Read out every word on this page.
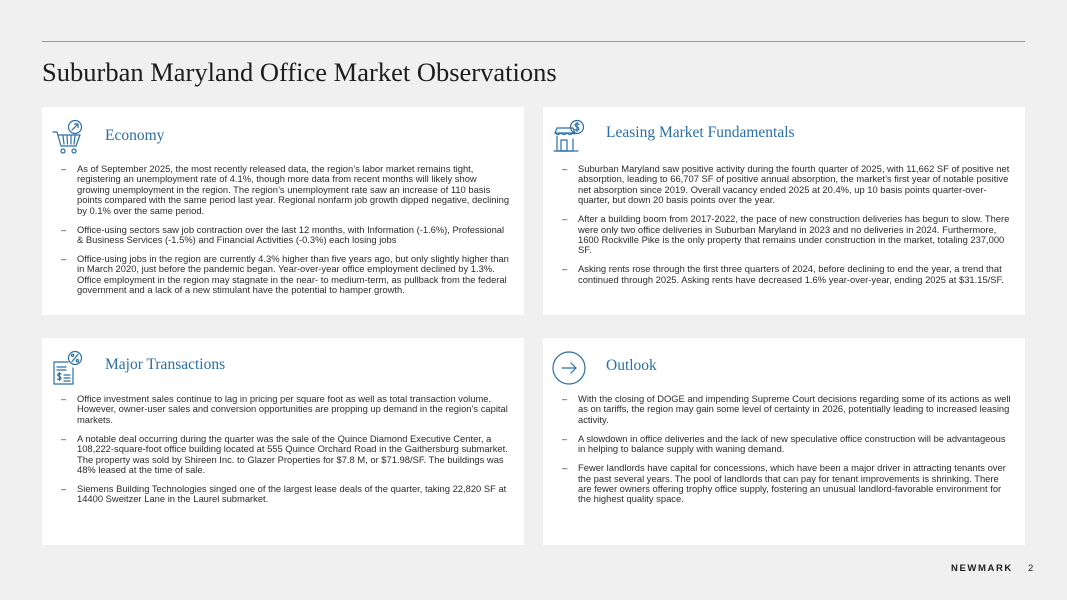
Suburban Maryland Office Market Observations
Economy
– As of September 2025, the most recently released data, the region’s labor market remains tight, registering an unemployment rate of 4.1%, though more data from recent months will likely show growing unemployment in the region. The region’s unemployment rate saw an increase of 110 basis points compared with the same period last year. Regional nonfarm job growth dipped negative, declining by 0.1% over the same period.
– Office-using sectors saw job contraction over the last 12 months, with Information (-1.6%), Professional & Business Services (-1.5%) and Financial Activities (-0.3%) each losing jobs
– Office-using jobs in the region are currently 4.3% higher than five years ago, but only slightly higher than in March 2020, just before the pandemic began. Year-over-year office employment declined by 1.3%. Office employment in the region may stagnate in the near- to medium-term, as pullback from the federal government and a lack of a new stimulant have the potential to hamper growth.
Leasing Market Fundamentals
– Suburban Maryland saw positive activity during the fourth quarter of 2025, with 11,662 SF of positive net absorption, leading to 66,707 SF of positive annual absorption, the market’s first year of notable positive net absorption since 2019. Overall vacancy ended 2025 at 20.4%, up 10 basis points quarter-over-quarter, but down 20 basis points over the year.
– After a building boom from 2017-2022, the pace of new construction deliveries has begun to slow. There were only two office deliveries in Suburban Maryland in 2023 and no deliveries in 2024. Furthermore, 1600 Rockville Pike is the only property that remains under construction in the market, totaling 237,000 SF.
– Asking rents rose through the first three quarters of 2024, before declining to end the year, a trend that continued through 2025. Asking rents have decreased 1.6% year-over-year, ending 2025 at $31.15/SF.
Major Transactions
– Office investment sales continue to lag in pricing per square foot as well as total transaction volume. However, owner-user sales and conversion opportunities are propping up demand in the region’s capital markets.
– A notable deal occurring during the quarter was the sale of the Quince Diamond Executive Center, a 108,222-square-foot office building located at 555 Quince Orchard Road in the Gaithersburg submarket. The property was sold by Shireen Inc. to Glazer Properties for $7.8 M, or $71.98/SF. The buildings was 48% leased at the time of sale.
– Siemens Building Technologies singed one of the largest lease deals of the quarter, taking 22,820 SF at 14400 Sweitzer Lane in the Laurel submarket.
Outlook
– With the closing of DOGE and impending Supreme Court decisions regarding some of its actions as well as on tariffs, the region may gain some level of certainty in 2026, potentially leading to increased leasing activity.
– A slowdown in office deliveries and the lack of new speculative office construction will be advantageous in helping to balance supply with waning demand.
– Fewer landlords have capital for concessions, which have been a major driver in attracting tenants over the past several years. The pool of landlords that can pay for tenant improvements is shrinking. There are fewer owners offering trophy office supply, fostering an unusual landlord-favorable environment for the highest quality space.
NEWMARK 2
